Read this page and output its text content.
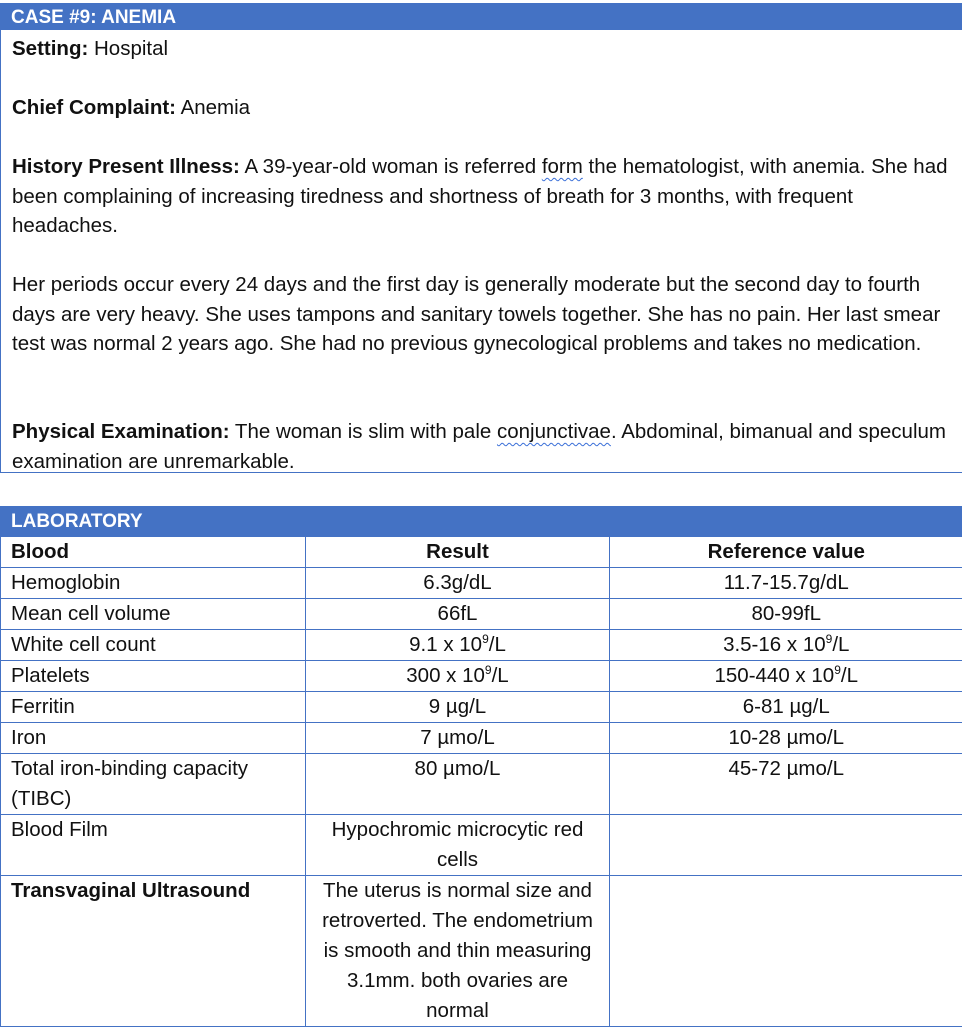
CASE #9: ANEMIA

Setting: Hospital

Chief Complaint: Anemia

History Present Illness: A 39-year-old woman is referred form the hematologist, with anemia. She had been complaining of increasing tiredness and shortness of breath for 3 months, with frequent headaches.

Her periods occur every 24 days and the first day is generally moderate but the second day to fourth days are very heavy. She uses tampons and sanitary towels together. She has no pain. Her last smear test was normal 2 years ago. She had no previous gynecological problems and takes no medication.

Physical Examination: The woman is slim with pale conjunctivae. Abdominal, bimanual and speculum examination are unremarkable.

LABORATORY
Blood	Result	Reference value
Hemoglobin	6.3g/dL	11.7-15.7g/dL
Mean cell volume	66fL	80-99fL
White cell count	9.1 x $10^9/L$	3.5-16 x $10^9/L$
Platelets	300 x $10^9/L$	150-440 x $10^9/L$
Ferritin	9 µg/L	6-81 µg/L
Iron	7 µmo/L	10-28 µmo/L
Total iron-binding capacity (TIBC)	80 µmo/L	45-72 µmo/L
Blood Film	Hypochromic microcytic red cells	
Transvaginal Ultrasound	The uterus is normal size and retroverted. The endometrium is smooth and thin measuring 3.1mm. both ovaries are normal	
